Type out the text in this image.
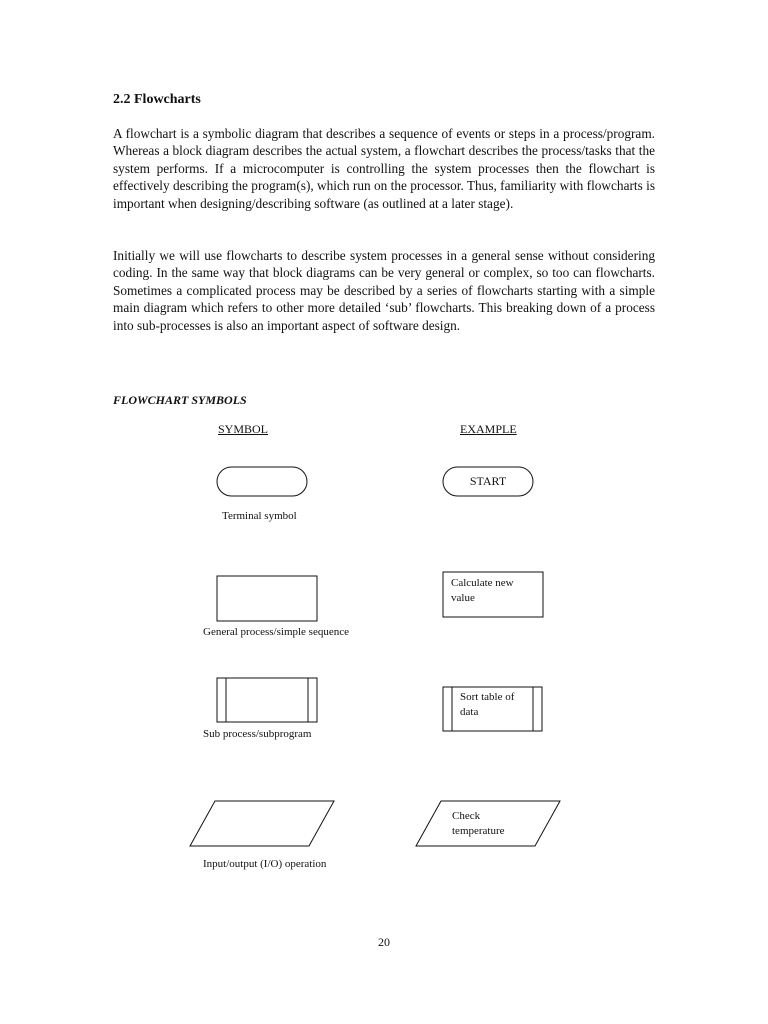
2.2 Flowcharts

A flowchart is a symbolic diagram that describes a sequence of events or steps in a process/program. Whereas a block diagram describes the actual system, a flowchart describes the process/tasks that the system performs. If a microcomputer is controlling the system processes then the flowchart is effectively describing the program(s), which run on the processor. Thus, familiarity with flowcharts is important when designing/describing software (as outlined at a later stage).

Initially we will use flowcharts to describe system processes in a general sense without considering coding. In the same way that block diagrams can be very general or complex, so too can flowcharts. Sometimes a complicated process may be described by a series of flowcharts starting with a simple main diagram which refers to other more detailed ‘sub’ flowcharts. This breaking down of a process into sub-processes is also an important aspect of software design.

FLOWCHART SYMBOLS
SYMBOL	EXAMPLE
Terminal symbol
General process/simple sequence
Sub process/subprogram
Input/output (I/O) operation
START
Calculate new
value
Sort table of
data
Check
temperature
20
